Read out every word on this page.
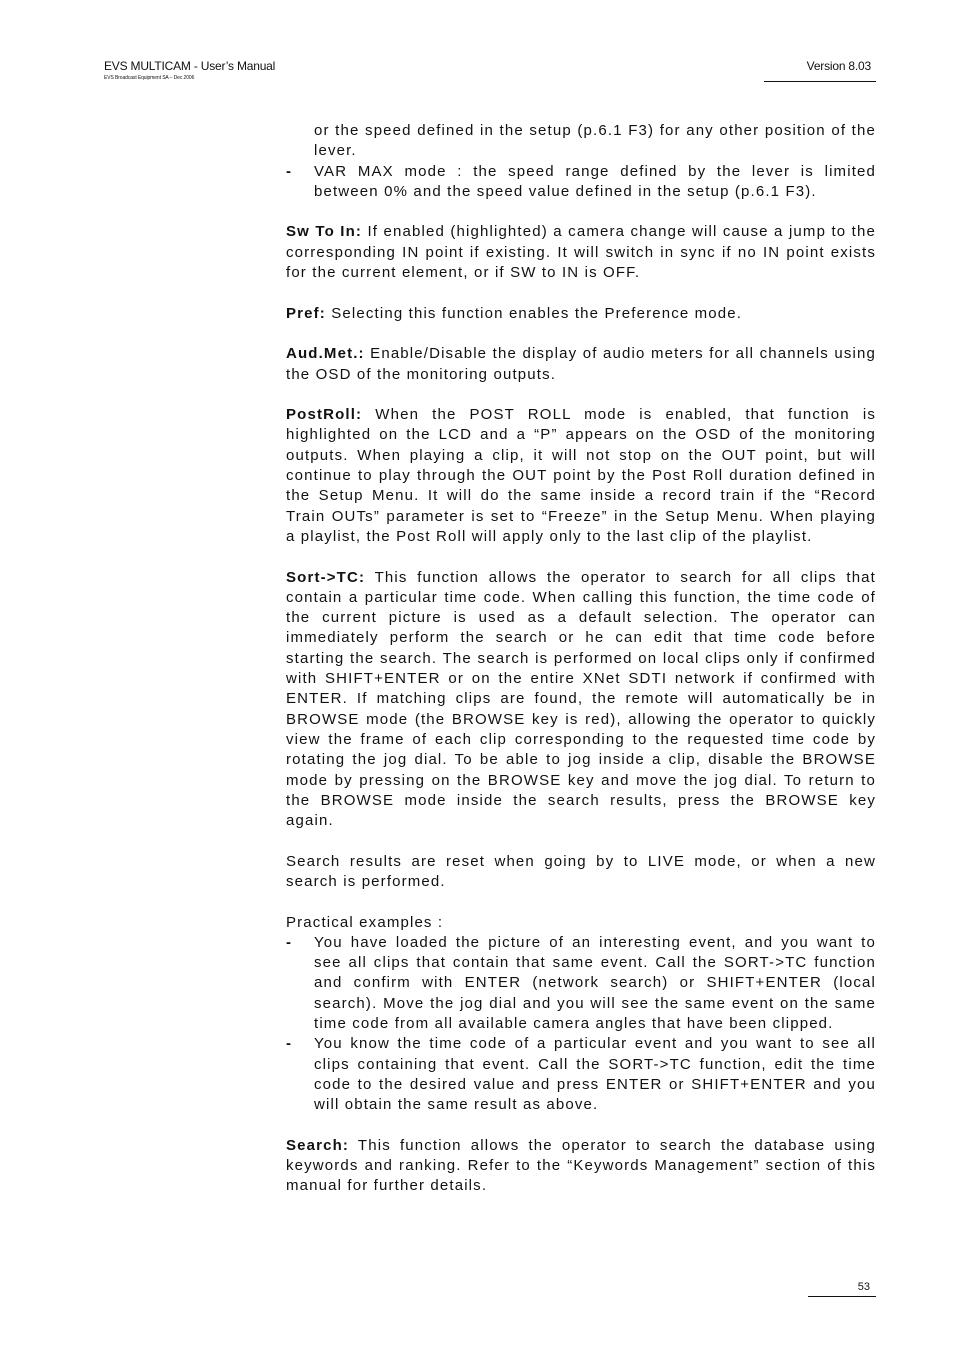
EVS MULTICAM - User’s Manual
EVS Broadcast Equipment SA – Dec 2006
Version 8.03

or the speed defined in the setup (p.6.1 F3) for any other position of the lever.

- VAR MAX mode : the speed range defined by the lever is limited between 0% and the speed value defined in the setup (p.6.1 F3).

Sw To In: If enabled (highlighted) a camera change will cause a jump to the corresponding IN point if existing. It will switch in sync if no IN point exists for the current element, or if SW to IN is OFF.

Pref: Selecting this function enables the Preference mode.

Aud.Met.: Enable/Disable the display of audio meters for all channels using the OSD of the monitoring outputs.

PostRoll: When the POST ROLL mode is enabled, that function is highlighted on the LCD and a “P” appears on the OSD of the monitoring outputs. When playing a clip, it will not stop on the OUT point, but will continue to play through the OUT point by the Post Roll duration defined in the Setup Menu. It will do the same inside a record train if the “Record Train OUTs” parameter is set to “Freeze” in the Setup Menu. When playing a playlist, the Post Roll will apply only to the last clip of the playlist.

Sort->TC: This function allows the operator to search for all clips that contain a particular time code. When calling this function, the time code of the current picture is used as a default selection. The operator can immediately perform the search or he can edit that time code before starting the search. The search is performed on local clips only if confirmed with SHIFT+ENTER or on the entire XNet SDTI network if confirmed with ENTER. If matching clips are found, the remote will automatically be in BROWSE mode (the BROWSE key is red), allowing the operator to quickly view the frame of each clip corresponding to the requested time code by rotating the jog dial. To be able to jog inside a clip, disable the BROWSE mode by pressing on the BROWSE key and move the jog dial. To return to the BROWSE mode inside the search results, press the BROWSE key again.

Search results are reset when going by to LIVE mode, or when a new search is performed.

Practical examples :

- You have loaded the picture of an interesting event, and you want to see all clips that contain that same event. Call the SORT->TC function and confirm with ENTER (network search) or SHIFT+ENTER (local search). Move the jog dial and you will see the same event on the same time code from all available camera angles that have been clipped.

- You know the time code of a particular event and you want to see all clips containing that event. Call the SORT->TC function, edit the time code to the desired value and press ENTER or SHIFT+ENTER and you will obtain the same result as above.

Search: This function allows the operator to search the database using keywords and ranking. Refer to the “Keywords Management” section of this manual for further details.

53
